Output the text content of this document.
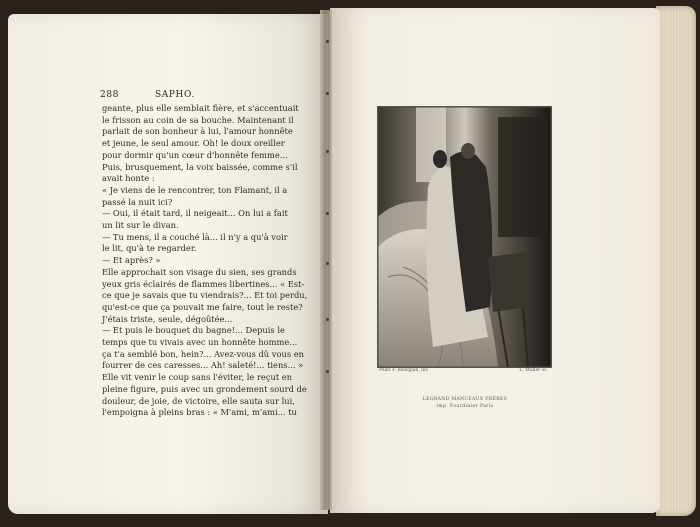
288	SAPHO.
geante, plus elle semblait fière, et s'accentuait
le frisson au coin de sa bouche. Maintenant il
parlait de son bonheur à lui, l'amour honnête
et jeune, le seul amour. Oh! le doux oreiller
pour dormir qu'un cœur d'honnête femme...
Puis, brusquement, la voix baissée, comme s'il
avait honte :
« Je viens de le rencontrer, ton Flamant, il a
passé la nuit ici?
— Oui, il était tard, il neigeait... On lui a fait
un lit sur le divan.
— Tu mens, il a couché là... il n'y a qu'à voir
le lit, qu'à te regarder.
— Et après? »
Elle approchait son visage du sien, ses grands
yeux gris éclairés de flammes libertines... « Est-
ce que je savais que tu viendrais?... Et toi perdu,
qu'est-ce que ça pouvait me faire, tout le reste?
J'étais triste, seule, dégoûtée...
— Et puis le bouquet du bagne!... Depuis le
temps que tu vivais avec un honnête homme...
ça t'a semblé bon, hein?... Avez-vous dû vous en
fourrer de ces caresses... Ah! saleté!... tiens... »
Elle vit venir le coup sans l'éviter, le reçut en
pleine figure, puis avec un grondement sourd de
douleur, de joie, de victoire, elle sauta sur lui,
l'empoigna à pleins bras : « M'ami, m'ami... tu
Peint F. Bourgain, inv.	L. Muller sc.
LEGRAND MANCEAUX FRÈRES
imp. Fourdinier Paris
